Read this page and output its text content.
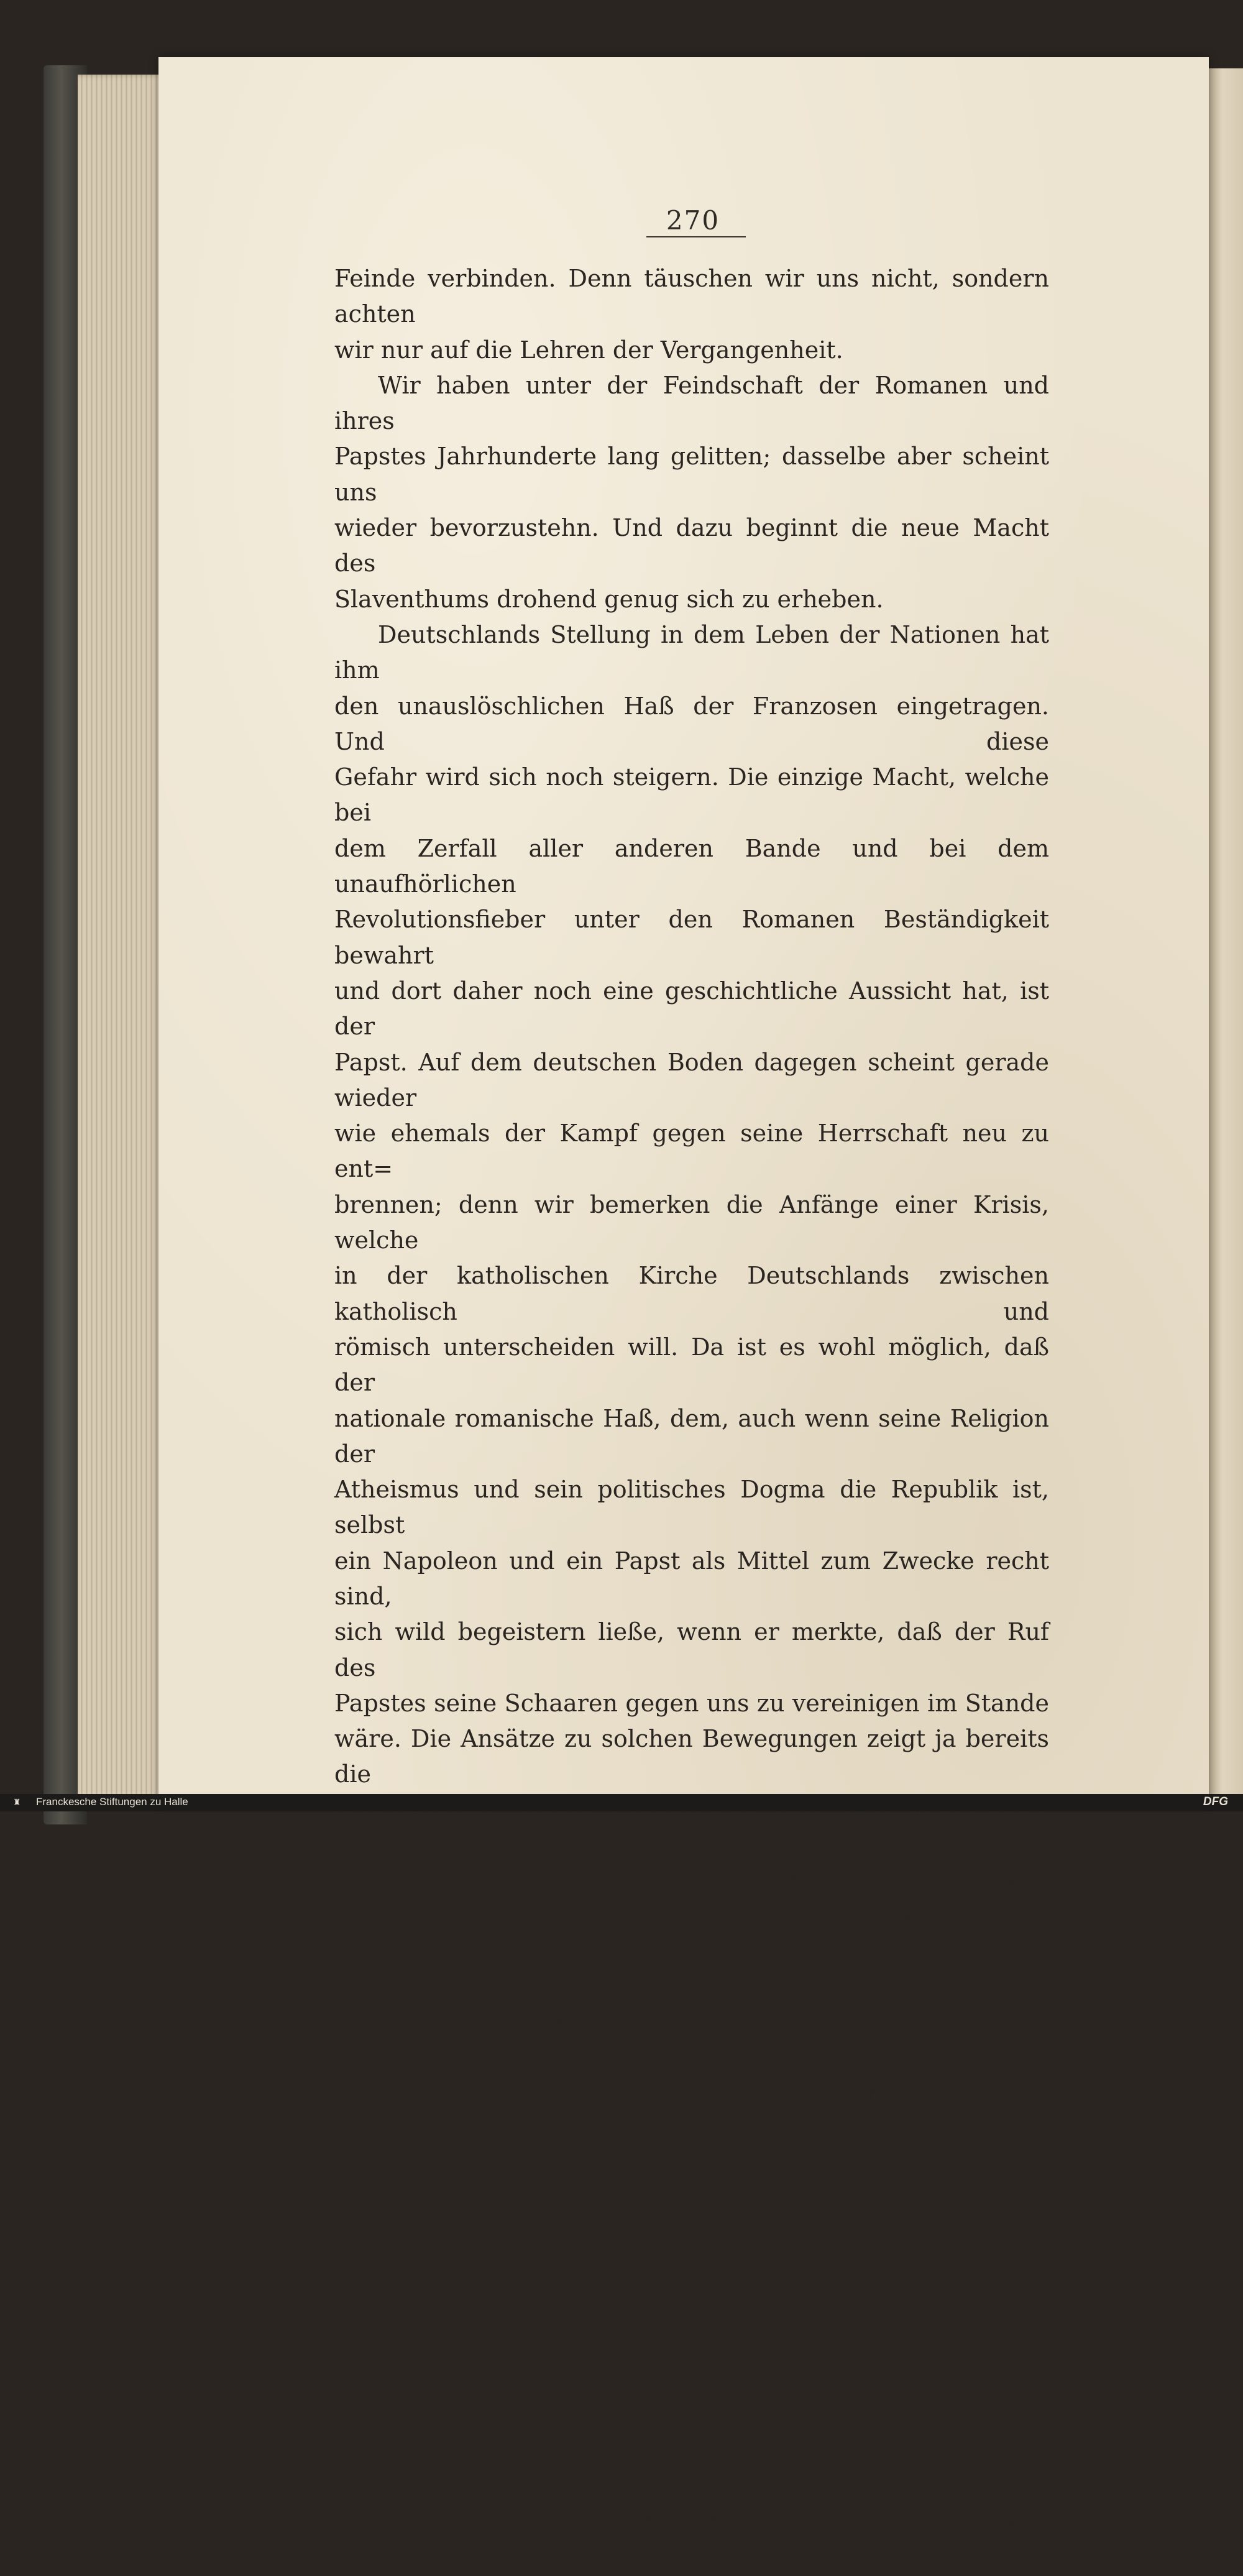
270

Feinde verbinden. Denn täuschen wir uns nicht, sondern achten

wir nur auf die Lehren der Vergangenheit.

Wir haben unter der Feindschaft der Romanen und ihres

Papstes Jahrhunderte lang gelitten; dasselbe aber scheint uns

wieder bevorzustehn. Und dazu beginnt die neue Macht des

Slaventhums drohend genug sich zu erheben.

Deutschlands Stellung in dem Leben der Nationen hat ihm

den unauslöschlichen Haß der Franzosen eingetragen. Und diese

Gefahr wird sich noch steigern. Die einzige Macht, welche bei

dem Zerfall aller anderen Bande und bei dem unaufhörlichen

Revolutionsfieber unter den Romanen Beständigkeit bewahrt

und dort daher noch eine geschichtliche Aussicht hat, ist der

Papst. Auf dem deutschen Boden dagegen scheint gerade wieder

wie ehemals der Kampf gegen seine Herrschaft neu zu ent=

brennen; denn wir bemerken die Anfänge einer Krisis, welche

in der katholischen Kirche Deutschlands zwischen katholisch und

römisch unterscheiden will. Da ist es wohl möglich, daß der

nationale romanische Haß, dem, auch wenn seine Religion der

Atheismus und sein politisches Dogma die Republik ist, selbst

ein Napoleon und ein Papst als Mittel zum Zwecke recht sind,

sich wild begeistern ließe, wenn er merkte, daß der Ruf des

Papstes seine Schaaren gegen uns zu vereinigen im Stande

wäre. Die Ansätze zu solchen Bewegungen zeigt ja bereits die

Thiers).

Daß dem Papste selbst aber ein solcher Ruf nicht schwer

fallen würde, das wissen wir Deutsche und wissen auch andere

Völker nur gar zu gut. Hat doch die Bulle Unam sanctam

dem Papste die Macht über das geistliche und weltliche Schwert

gegeben, und hat doch auch der Syllabus Nr. 24 noch in

jüngster Zeit festgesetzt, daß diejenigen das Anathema treffen

solle, welche behaupten, gegen Ketzer dürfe keine Gewalt in

Glaubenssachen angewandt werden.

Auf der anderen Seite aber könnten wir von dem Slaven=

thum her leicht den Cäsar erwarten, welcher dem Deutschenhaß

einmal den ausführenden Arm leihen dürfte. Der Zusammen=

stoß zwischen der slavischen Macht und Deutschland, wer ver=

♜ Franckesche Stiftungen zu Halle	DFG
